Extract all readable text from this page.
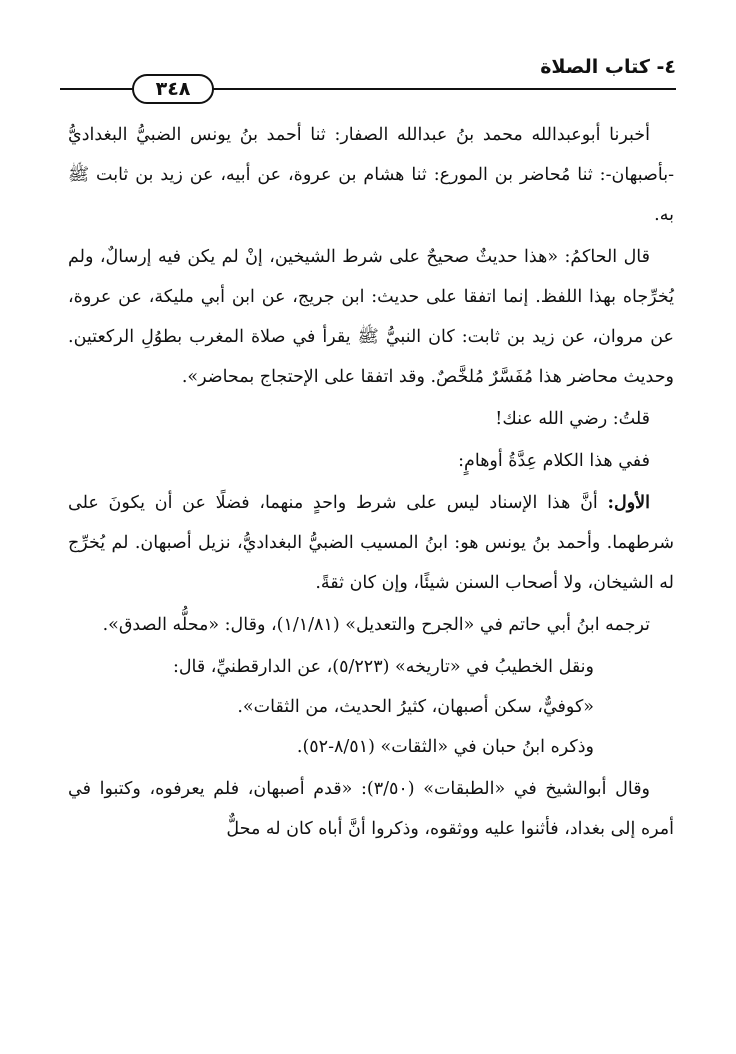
٤- كتاب الصلاة
٣٤٨

أخبرنا أبوعبدالله محمد بنُ عبدالله الصفار: ثنا أحمد بنُ يونس الضبيُّ البغداديُّ -بأصبهان-: ثنا مُحاضر بن المورع: ثنا هشام بن عروة، عن أبيه، عن زيد بن ثابت ﷺ به.

قال الحاكمُ: «هذا حديثٌ صحيحٌ على شرط الشيخين، إنْ لم يكن فيه إرسالٌ، ولم يُخرِّجاه بهذا اللفظ. إنما اتفقا على حديث: ابن جريج، عن ابن أبي مليكة، عن عروة، عن مروان، عن زيد بن ثابت: كان النبيُّ ﷺ يقرأ في صلاة المغرب بطوُلِ الركعتين. وحديث محاضر هذا مُفَسَّرٌ مُلخَّصٌ. وقد اتفقا على الإحتجاج بمحاضر».

قلتُ: رضي الله عنك!

ففي هذا الكلام عِدَّةُ أوهامٍ:

الأول: أنَّ هذا الإسناد ليس على شرط واحدٍ منهما، فضلًا عن أن يكونَ على شرطهما. وأحمد بنُ يونس هو: ابنُ المسيب الضبيُّ البغداديُّ، نزيل أصبهان. لم يُخرِّج له الشيخان، ولا أصحاب السنن شيئًا، وإن كان ثقةً.

ترجمه ابنُ أبي حاتم في «الجرح والتعديل» (١/١/٨١)، وقال: «محلُّه الصدق».

ونقل الخطيبُ في «تاريخه» (٥/٢٢٣)، عن الدارقطنيِّ، قال:

«كوفيٌّ، سكن أصبهان، كثيرُ الحديث، من الثقات».

وذكره ابنُ حبان في «الثقات» (٨/٥١-٥٢).

وقال أبوالشيخ في «الطبقات» (٣/٥٠): «قدم أصبهان، فلم يعرفوه، وكتبوا في أمره إلى بغداد، فأثنوا عليه ووثقوه، وذكروا أنَّ أباه كان له محلٌّ
